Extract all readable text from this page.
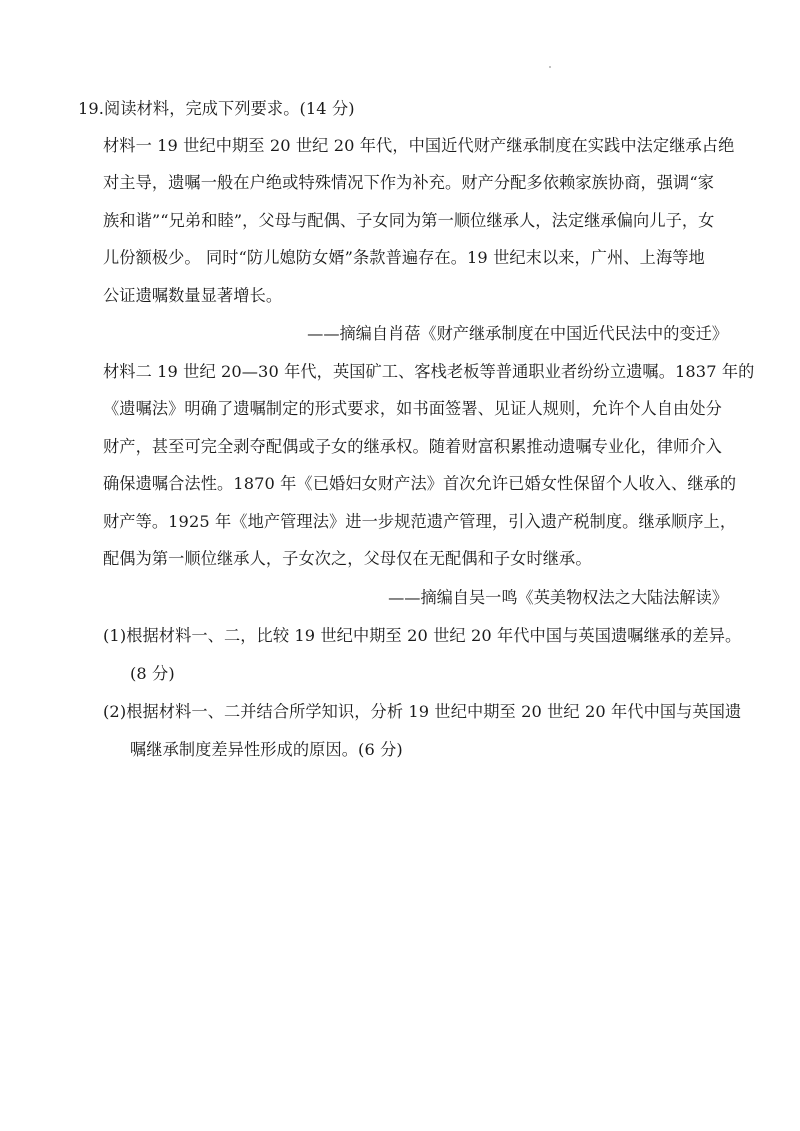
19.阅读材料，完成下列要求。(14 分)
材料一 19 世纪中期至 20 世纪 20 年代，中国近代财产继承制度在实践中法定继承占绝
对主导，遗嘱一般在户绝或特殊情况下作为补充。财产分配多依赖家族协商，强调“家
族和谐”“兄弟和睦”，父母与配偶、子女同为第一顺位继承人，法定继承偏向儿子，女
儿份额极少。 同时“防儿媳防女婿”条款普遍存在。19 世纪末以来，广州、上海等地
公证遗嘱数量显著增长。
——摘编自肖蓓《财产继承制度在中国近代民法中的变迁》
材料二 19 世纪 20—30 年代，英国矿工、客栈老板等普通职业者纷纷立遗嘱。1837 年的
《遗嘱法》明确了遗嘱制定的形式要求，如书面签署、见证人规则，允许个人自由处分
财产，甚至可完全剥夺配偶或子女的继承权。随着财富积累推动遗嘱专业化，律师介入
确保遗嘱合法性。1870 年《已婚妇女财产法》首次允许已婚女性保留个人收入、继承的
财产等。1925 年《地产管理法》进一步规范遗产管理，引入遗产税制度。继承顺序上，
配偶为第一顺位继承人，子女次之，父母仅在无配偶和子女时继承。
——摘编自吴一鸣《英美物权法之大陆法解读》
(1)根据材料一、二，比较 19 世纪中期至 20 世纪 20 年代中国与英国遗嘱继承的差异。
(8 分)
(2)根据材料一、二并结合所学知识，分析 19 世纪中期至 20 世纪 20 年代中国与英国遗
嘱继承制度差异性形成的原因。(6 分)
